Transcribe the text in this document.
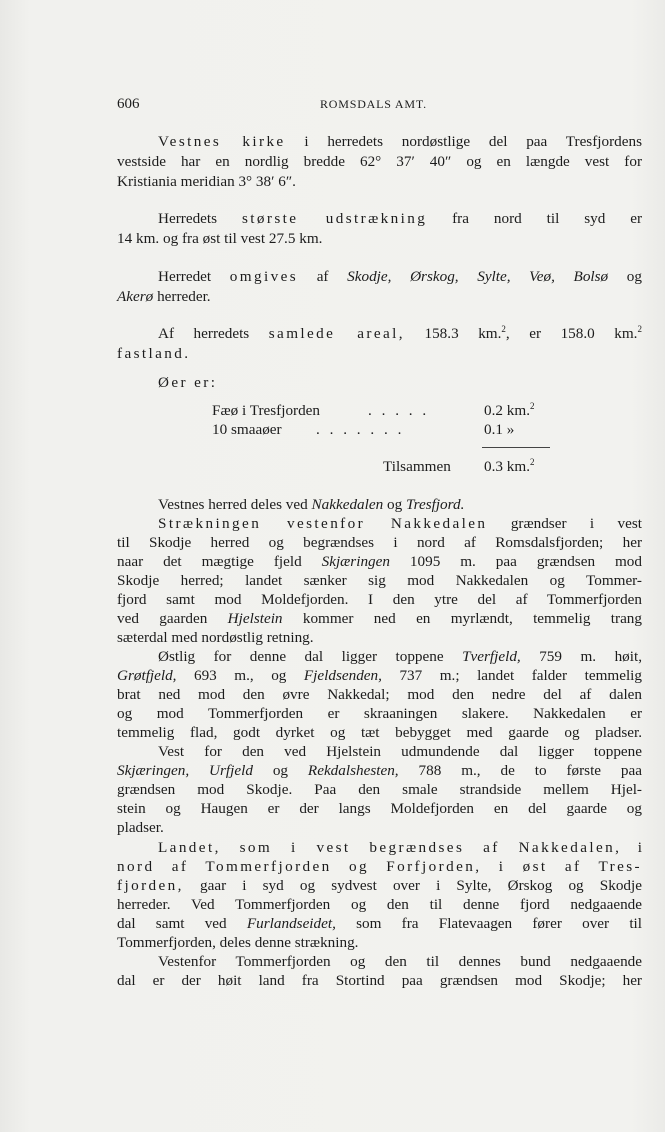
606	ROMSDALS AMT.
Vestnes kirke i herredets nordøstlige del paa Tresfjordens
vestside har en nordlig bredde 62° 37′ 40″ og en længde vest for
Kristiania meridian 3° 38′ 6″.
Herredets største udstrækning fra nord til syd er
14 km. og fra øst til vest 27.5 km.
Herredet omgives af Skodje, Ørskog, Sylte, Veø, Bolsø og
Akerø herreder.
Af herredets samlede areal, 158.3 km.$^2$, er 158.0 km.$^2$
fastland.
Øer er:
Fæø i Tresfjorden	. . . . .	0.2 km.$^2$
10 smaaøer . . . . . . .	0.1 »
Tilsammen 0.3 km.$^2$
Vestnes herred deles ved Nakkedalen og Tresfjord.
Strækningen vestenfor Nakkedalen grændser i vest
til Skodje herred og begrændses i nord af Romsdalsfjorden; her
naar det mægtige fjeld Skjæringen 1095 m. paa grændsen mod
Skodje herred; landet sænker sig mod Nakkedalen og Tommer-
fjord samt mod Moldefjorden. I den ytre del af Tommerfjorden
ved gaarden Hjelstein kommer ned en myrlændt, temmelig trang
sæterdal med nordøstlig retning.
Østlig for denne dal ligger toppene Tverfjeld, 759 m. høit,
Grøtfjeld, 693 m., og Fjeldsenden, 737 m.; landet falder temmelig
brat ned mod den øvre Nakkedal; mod den nedre del af dalen
og mod Tommerfjorden er skraaningen slakere. Nakkedalen er
temmelig flad, godt dyrket og tæt bebygget med gaarde og pladser.
Vest for den ved Hjelstein udmundende dal ligger toppene
Skjæringen, Urfjeld og Rekdalshesten, 788 m., de to første paa
grændsen mod Skodje. Paa den smale strandside mellem Hjel-
stein og Haugen er der langs Moldefjorden en del gaarde og
pladser.
Landet, som i vest begrændses af Nakkedalen, i
nord af Tommerfjorden og Forfjorden, i øst af Tres-
fjorden, gaar i syd og sydvest over i Sylte, Ørskog og Skodje
herreder. Ved Tommerfjorden og den til denne fjord nedgaaende
dal samt ved Furlandseidet, som fra Flatevaagen fører over til
Tommerfjorden, deles denne strækning.
Vestenfor Tommerfjorden og den til dennes bund nedgaaende
dal er der høit land fra Stortind paa grændsen mod Skodje; her
